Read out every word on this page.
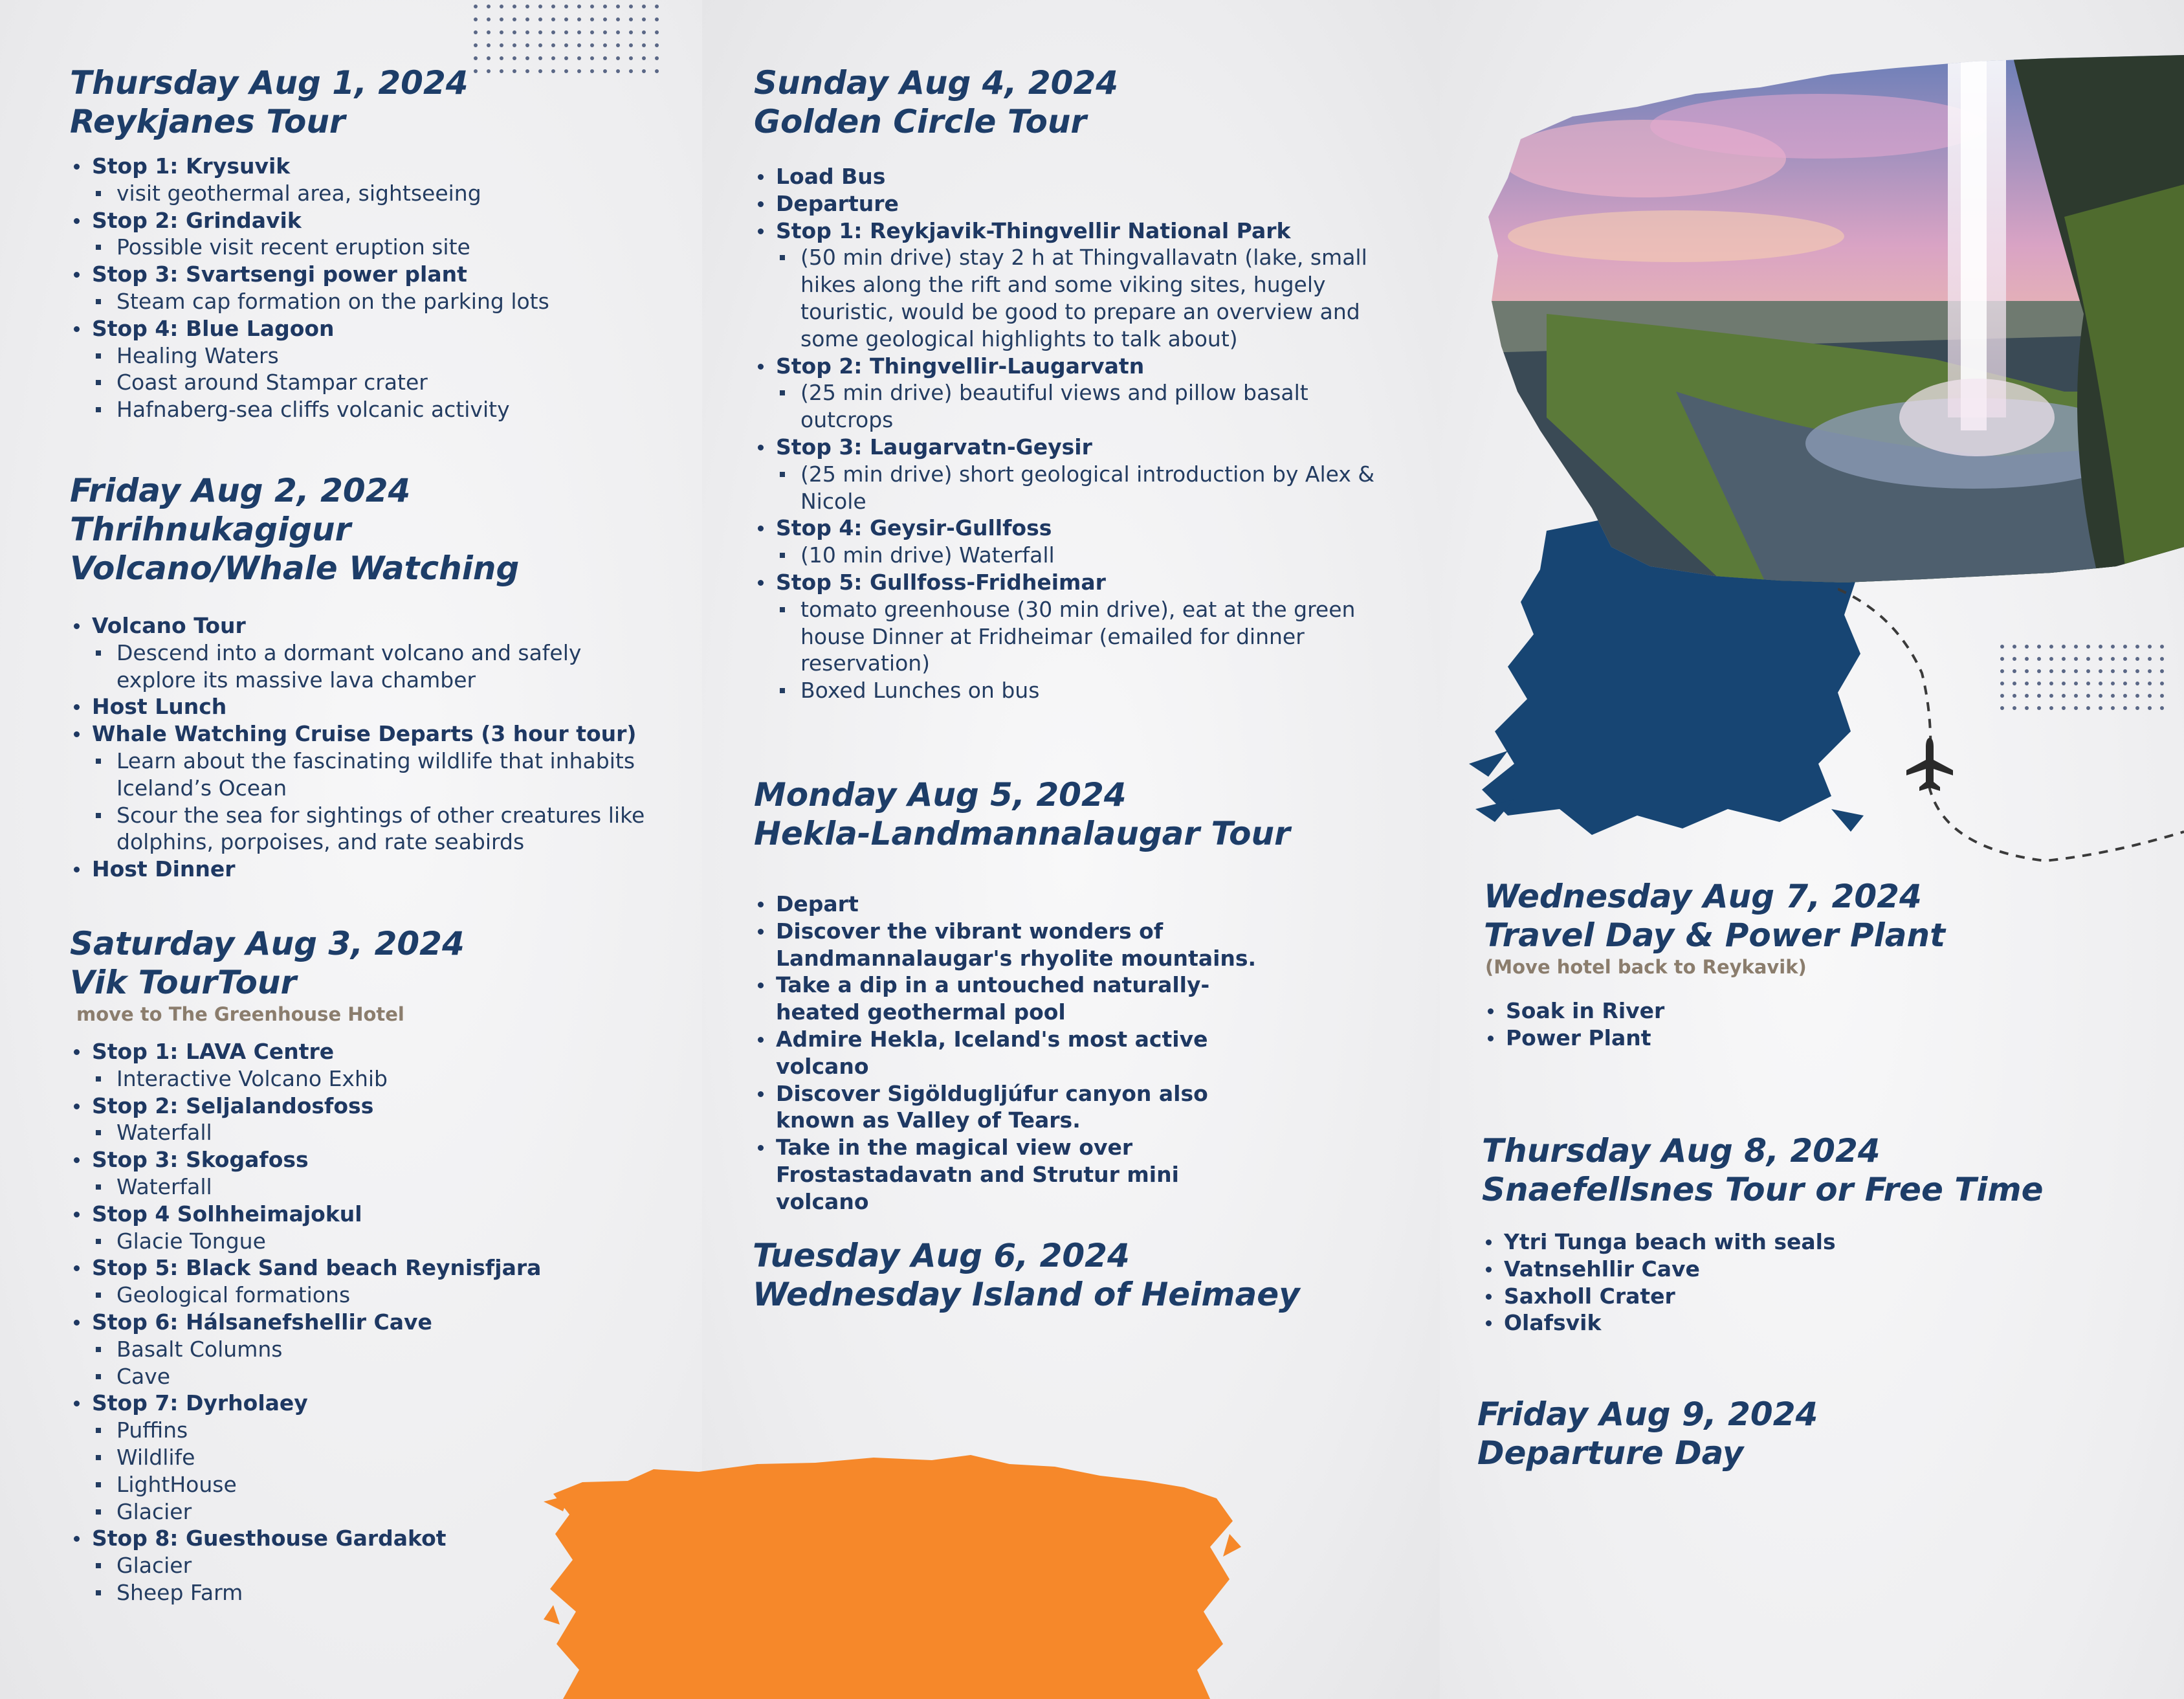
Thursday Aug 1, 2024
Reykjanes Tour
Stop 1: Krysuvik
visit geothermal area, sightseeing
Stop 2: Grindavik
Possible visit recent eruption site
Stop 3: Svartsengi power plant
Steam cap formation on the parking lots
Stop 4: Blue Lagoon
Healing Waters
Coast around Stampar crater
Hafnaberg-sea cliffs volcanic activity
Friday Aug 2, 2024 Thrihnukagigur
Volcano/Whale Watching
Volcano Tour
Descend into a dormant volcano and safely explore its massive lava chamber
Host Lunch
Whale Watching Cruise Departs (3 hour tour)
Learn about the fascinating wildlife that inhabits Iceland’s Ocean
Scour the sea for sightings of other creatures like dolphins, porpoises, and rate seabirds
Host Dinner
Saturday Aug 3, 2024
Vik TourTour
move to The Greenhouse Hotel
Stop 1: LAVA Centre
Interactive Volcano Exhib
Stop 2: Seljalandosfoss
Waterfall
Stop 3: Skogafoss
Waterfall
Stop 4 Solhheimajokul
Glacie Tongue
Stop 5: Black Sand beach Reynisfjara
Geological formations
Stop 6: Hálsanefshellir Cave
Basalt Columns
Cave
Stop 7: Dyrholaey
Puffins
Wildlife
LightHouse
Glacier
Stop 8: Guesthouse Gardakot
Glacier
Sheep Farm
Sunday Aug 4, 2024
Golden Circle Tour
Load Bus
Departure
Stop 1: Reykjavik-Thingvellir National Park
(50 min drive) stay 2 h at Thingvallavatn (lake, small hikes along the rift and some viking sites, hugely touristic, would be good to prepare an overview and some geological highlights to talk about)
Stop 2: Thingvellir-Laugarvatn
(25 min drive) beautiful views and pillow basalt outcrops
Stop 3: Laugarvatn-Geysir
(25 min drive) short geological introduction by Alex & Nicole
Stop 4: Geysir-Gullfoss
(10 min drive) Waterfall
Stop 5: Gullfoss-Fridheimar
tomato greenhouse (30 min drive), eat at the green house Dinner at Fridheimar (emailed for dinner reservation)
Boxed Lunches on bus
Monday Aug 5, 2024
Hekla-Landmannalaugar Tour
Depart
Discover the vibrant wonders of Landmannalaugar's rhyolite mountains.
Take a dip in a untouched naturally-heated geothermal pool
Admire Hekla, Iceland's most active volcano
Discover Sigöldugljúfur canyon also known as Valley of Tears.
Take in the magical view over Frostastadavatn and Strutur mini volcano
Tuesday Aug 6, 2024
Wednesday Island of Heimaey
Wednesday Aug 7, 2024
Travel Day & Power Plant
(Move hotel back to Reykavik)
Soak in River
Power Plant
Thursday Aug 8, 2024
Snaefellsnes Tour or Free Time
Ytri Tunga beach with seals
Vatnsehllir Cave
Saxholl Crater
Olafsvik
Friday Aug 9, 2024
Departure Day
